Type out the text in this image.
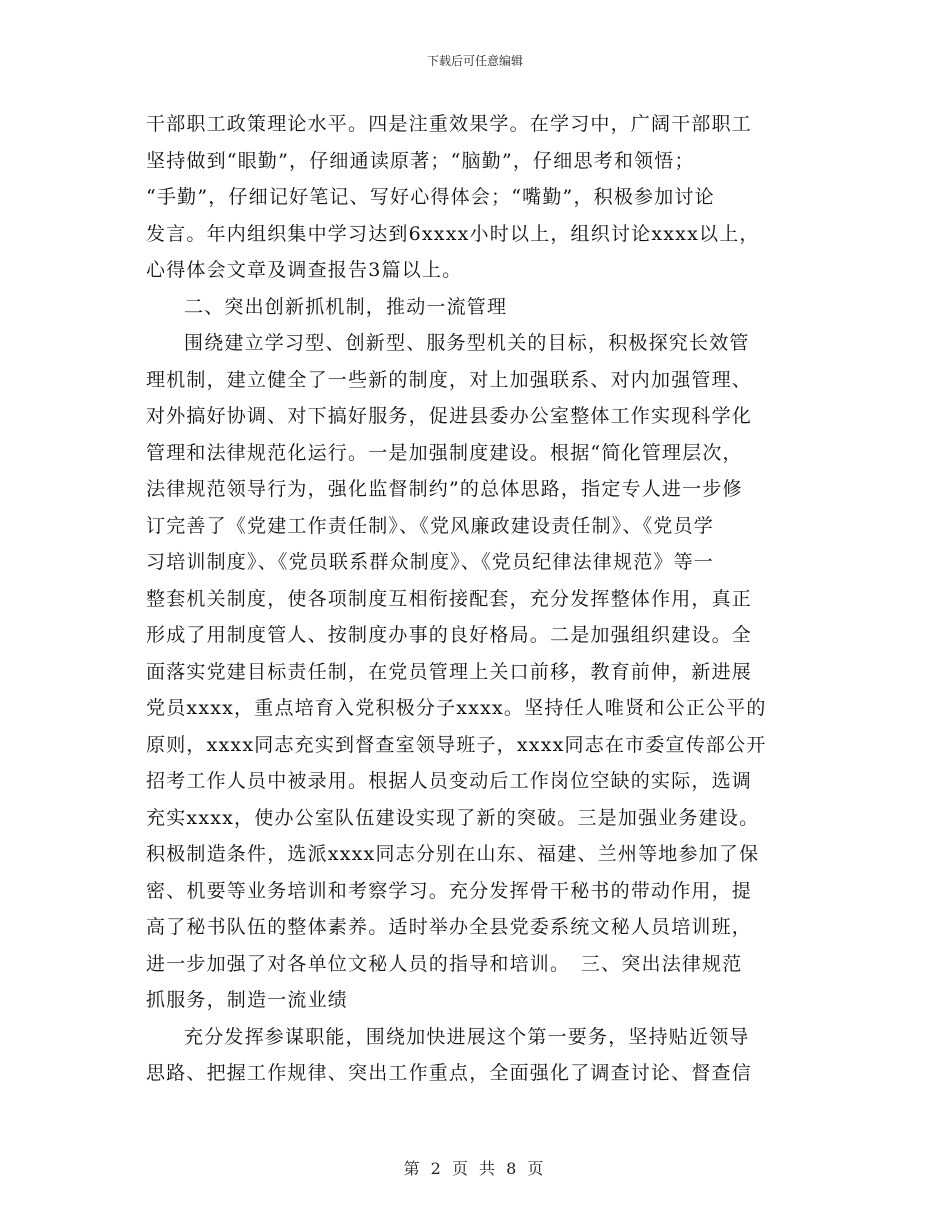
下载后可任意编辑
干部职工政策理论水平。四是注重效果学。在学习中，广阔干部职工
坚持做到“眼勤”，仔细通读原著；“脑勤”，仔细思考和领悟；
“手勤”，仔细记好笔记、写好心得体会；“嘴勤”，积极参加讨论
发言。年内组织集中学习达到6xxxx小时以上，组织讨论xxxx以上，
心得体会文章及调查报告3篇以上。
二、突出创新抓机制，推动一流管理
围绕建立学习型、创新型、服务型机关的目标，积极探究长效管
理机制，建立健全了一些新的制度，对上加强联系、对内加强管理、
对外搞好协调、对下搞好服务，促进县委办公室整体工作实现科学化
管理和法律规范化运行。一是加强制度建设。根据“简化管理层次，
法律规范领导行为，强化监督制约”的总体思路，指定专人进一步修
订完善了《党建工作责任制》、《党风廉政建设责任制》、《党员学
习培训制度》、《党员联系群众制度》、《党员纪律法律规范》等一
整套机关制度，使各项制度互相衔接配套，充分发挥整体作用，真正
形成了用制度管人、按制度办事的良好格局。二是加强组织建设。全
面落实党建目标责任制，在党员管理上关口前移，教育前伸，新进展
党员xxxx，重点培育入党积极分子xxxx。坚持任人唯贤和公正公平的
原则，xxxx同志充实到督查室领导班子，xxxx同志在市委宣传部公开
招考工作人员中被录用。根据人员变动后工作岗位空缺的实际，选调
充实xxxx，使办公室队伍建设实现了新的突破。三是加强业务建设。
积极制造条件，选派xxxx同志分别在山东、福建、兰州等地参加了保
密、机要等业务培训和考察学习。充分发挥骨干秘书的带动作用，提
高了秘书队伍的整体素养。适时举办全县党委系统文秘人员培训班，
进一步加强了对各单位文秘人员的指导和培训。　三、突出法律规范
抓服务，制造一流业绩
充分发挥参谋职能，围绕加快进展这个第一要务，坚持贴近领导
思路、把握工作规律、突出工作重点，全面强化了调查讨论、督查信
第 2 页 共 8 页
